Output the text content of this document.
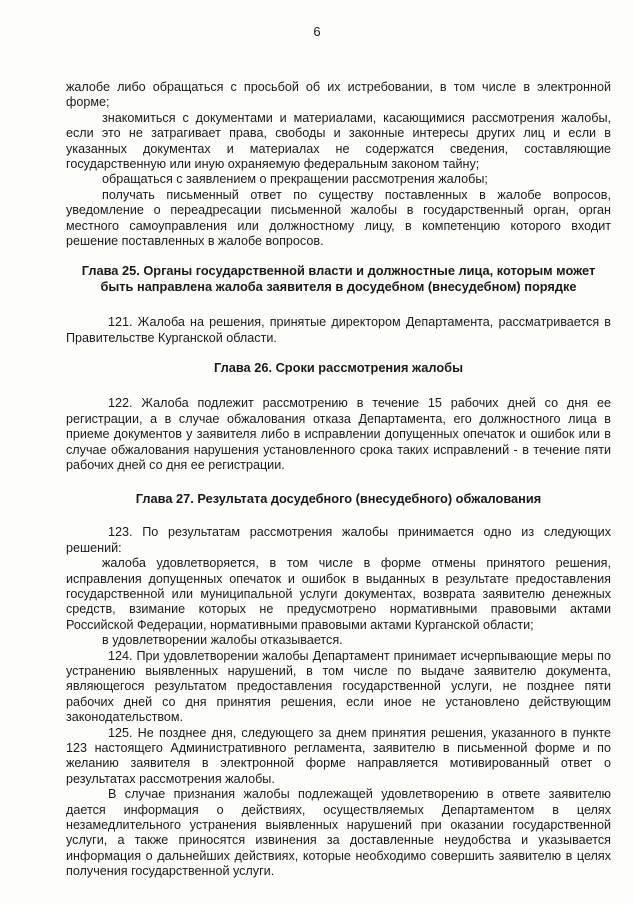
6

жалобе либо обращаться с просьбой об их истребовании, в том числе в электронной форме;

знакомиться с документами и материалами, касающимися рассмотрения жалобы, если это не затрагивает права, свободы и законные интересы других лиц и если в указанных документах и материалах не содержатся сведения, составляющие государственную или иную охраняемую федеральным законом тайну;

обращаться с заявлением о прекращении рассмотрения жалобы;

получать письменный ответ по существу поставленных в жалобе вопросов, уведомление о переадресации письменной жалобы в государственный орган, орган местного самоуправления или должностному лицу, в компетенцию которого входит решение поставленных в жалобе вопросов.

Глава 25. Органы государственной власти и должностные лица, которым может быть направлена жалоба заявителя в досудебном (внесудебном) порядке

121. Жалоба на решения, принятые директором Департамента, рассматривается в Правительстве Курганской области.

Глава 26. Сроки рассмотрения жалобы

122. Жалоба подлежит рассмотрению в течение 15 рабочих дней со дня ее регистрации, а в случае обжалования отказа Департамента, его должностного лица в приеме документов у заявителя либо в исправлении допущенных опечаток и ошибок или в случае обжалования нарушения установленного срока таких исправлений - в течение пяти рабочих дней со дня ее регистрации.

Глава 27. Результата досудебного (внесудебного) обжалования

123. По результатам рассмотрения жалобы принимается одно из следующих решений:

жалоба удовлетворяется, в том числе в форме отмены принятого решения, исправления допущенных опечаток и ошибок в выданных в результате предоставления государственной или муниципальной услуги документах, возврата заявителю денежных средств, взимание которых не предусмотрено нормативными правовыми актами Российской Федерации, нормативными правовыми актами Курганской области;

в удовлетворении жалобы отказывается.

124. При удовлетворении жалобы Департамент принимает исчерпывающие меры по устранению выявленных нарушений, в том числе по выдаче заявителю документа, являющегося результатом предоставления государственной услуги, не позднее пяти рабочих дней со дня принятия решения, если иное не установлено действующим законодательством.

125. Не позднее дня, следующего за днем принятия решения, указанного в пункте 123 настоящего Административного регламента, заявителю в письменной форме и по желанию заявителя в электронной форме направляется мотивированный ответ о результатах рассмотрения жалобы.

В случае признания жалобы подлежащей удовлетворению в ответе заявителю дается информация о действиях, осуществляемых Департаментом в целях незамедлительного устранения выявленных нарушений при оказании государственной услуги, а также приносятся извинения за доставленные неудобства и указывается информация о дальнейших действиях, которые необходимо совершить заявителю в целях получения государственной услуги.
